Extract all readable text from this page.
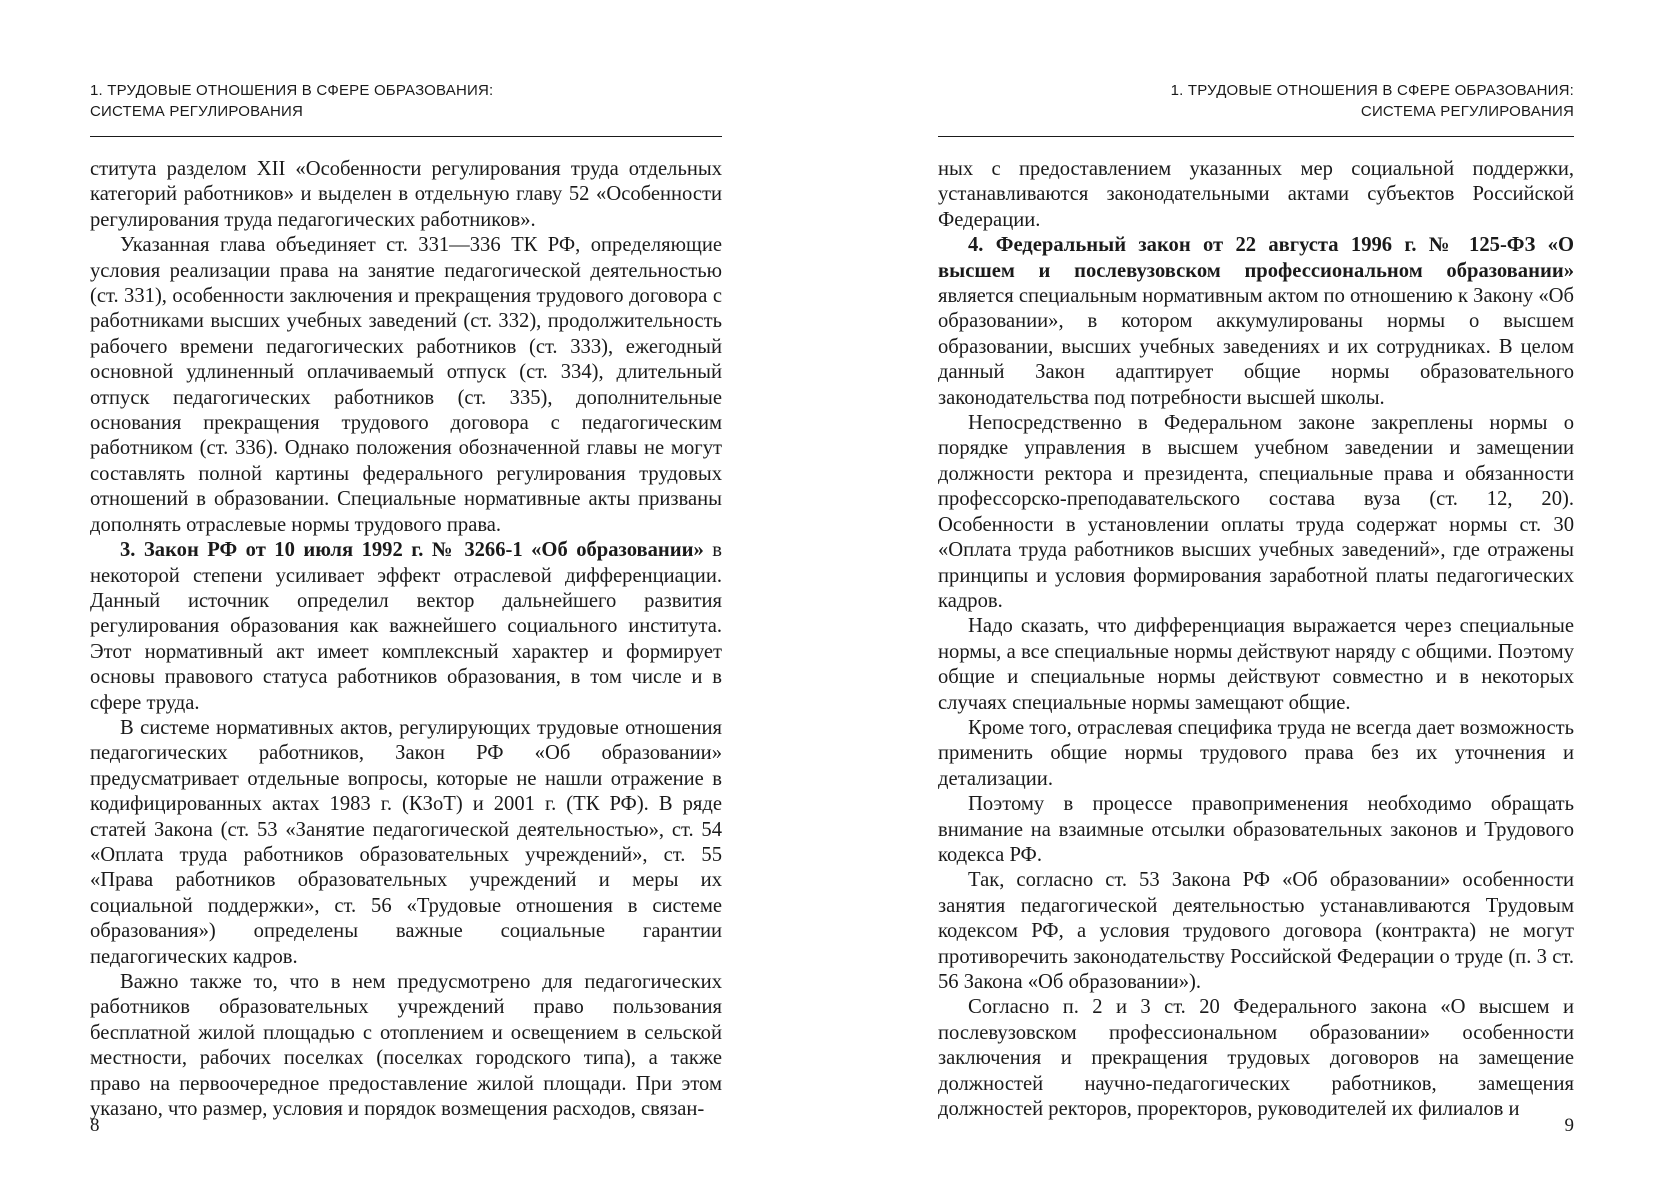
1. ТРУДОВЫЕ ОТНОШЕНИЯ В СФЕРЕ ОБРАЗОВАНИЯ:
СИСТЕМА РЕГУЛИРОВАНИЯ

ститута разделом XII «Особенности регулирования труда отдельных категорий работников» и выделен в отдельную главу 52 «Особенности регулирования труда педагогических работников».

Указанная глава объединяет ст. 331—336 ТК РФ, определяющие условия реализации права на занятие педагогической деятельностью (ст. 331), особенности заключения и прекращения трудового договора с работниками высших учебных заведений (ст. 332), продолжительность рабочего времени педагогических работников (ст. 333), ежегодный основной удлиненный оплачиваемый отпуск (ст. 334), длительный отпуск педагогических работников (ст. 335), дополнительные основания прекращения трудового договора с педагогическим работником (ст. 336). Однако положения обозначенной главы не могут составлять полной картины федерального регулирования трудовых отношений в образовании. Специальные нормативные акты призваны дополнять отраслевые нормы трудового права.

3. Закон РФ от 10 июля 1992 г. № 3266-1 «Об образовании» в некоторой степени усиливает эффект отраслевой дифференциации. Данный источник определил вектор дальнейшего развития регулирования образования как важнейшего социального института. Этот нормативный акт имеет комплексный характер и формирует основы правового статуса работников образования, в том числе и в сфере труда.

В системе нормативных актов, регулирующих трудовые отношения педагогических работников, Закон РФ «Об образовании» предусматривает отдельные вопросы, которые не нашли отражение в кодифицированных актах 1983 г. (КЗоТ) и 2001 г. (ТК РФ). В ряде статей Закона (ст. 53 «Занятие педагогической деятельностью», ст. 54 «Оплата труда работников образовательных учреждений», ст. 55 «Права работников образовательных учреждений и меры их социальной поддержки», ст. 56 «Трудовые отношения в системе образования») определены важные социальные гарантии педагогических кадров.

Важно также то, что в нем предусмотрено для педагогических работников образовательных учреждений право пользования бесплатной жилой площадью с отоплением и освещением в сельской местности, рабочих поселках (поселках городского типа), а также право на первоочередное предоставление жилой площади. При этом указано, что размер, условия и порядок возмещения расходов, связан-

8
1. ТРУДОВЫЕ ОТНОШЕНИЯ В СФЕРЕ ОБРАЗОВАНИЯ:
СИСТЕМА РЕГУЛИРОВАНИЯ

ных с предоставлением указанных мер социальной поддержки, устанавливаются законодательными актами субъектов Российской Федерации.

4. Федеральный закон от 22 августа 1996 г. № 125-ФЗ «О высшем и послевузовском профессиональном образовании» является специальным нормативным актом по отношению к Закону «Об образовании», в котором аккумулированы нормы о высшем образовании, высших учебных заведениях и их сотрудниках. В целом данный Закон адаптирует общие нормы образовательного законодательства под потребности высшей школы.

Непосредственно в Федеральном законе закреплены нормы о порядке управления в высшем учебном заведении и замещении должности ректора и президента, специальные права и обязанности профессорско-преподавательского состава вуза (ст. 12, 20). Особенности в установлении оплаты труда содержат нормы ст. 30 «Оплата труда работников высших учебных заведений», где отражены принципы и условия формирования заработной платы педагогических кадров.

Надо сказать, что дифференциация выражается через специальные нормы, а все специальные нормы действуют наряду с общими. Поэтому общие и специальные нормы действуют совместно и в некоторых случаях специальные нормы замещают общие.

Кроме того, отраслевая специфика труда не всегда дает возможность применить общие нормы трудового права без их уточнения и детализации.

Поэтому в процессе правоприменения необходимо обращать внимание на взаимные отсылки образовательных законов и Трудового кодекса РФ.

Так, согласно ст. 53 Закона РФ «Об образовании» особенности занятия педагогической деятельностью устанавливаются Трудовым кодексом РФ, а условия трудового договора (контракта) не могут противоречить законодательству Российской Федерации о труде (п. 3 ст. 56 Закона «Об образовании»).

Согласно п. 2 и 3 ст. 20 Федерального закона «О высшем и послевузовском профессиональном образовании» особенности заключения и прекращения трудовых договоров на замещение должностей научно-педагогических работников, замещения должностей ректоров, проректоров, руководителей их филиалов и

9
